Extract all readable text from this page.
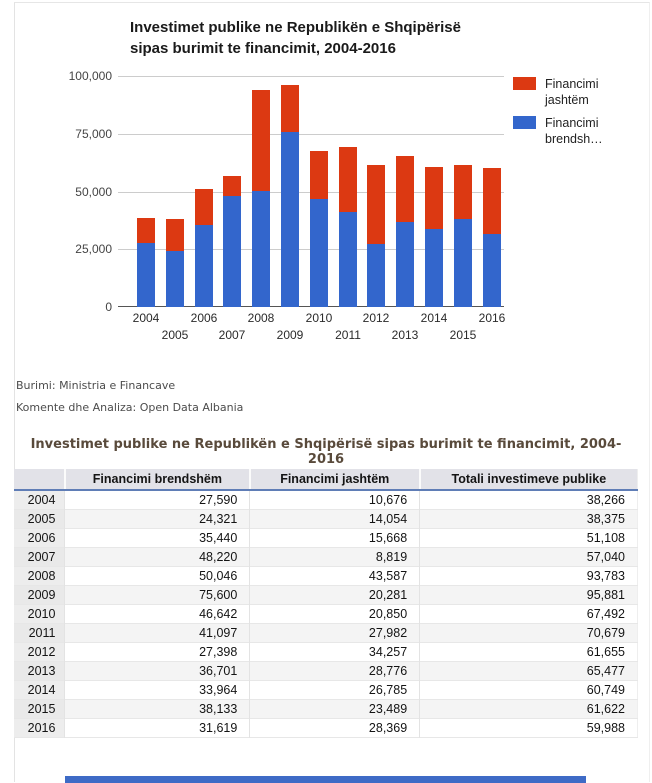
Investimet publike ne Republikën e Shqipërisë
sipas burimit te financimit, 2004-2016
0
25,000
50,000
75,000
100,000
2004
2005
2006
2007
2008
2009
2010
2011
2012
2013
2014
2015
2016
Financimi jashtëm
Financimi brendsh…
Burimi: Ministria e Financave
Komente dhe Analiza: Open Data Albania
Investimet publike ne Republikën e Shqipërisë sipas burimit te financimit, 2004-2016
	Financimi brendshëm	Financimi jashtëm	Totali investimeve publike
2004	27,590	10,676	38,266
2005	24,321	14,054	38,375
2006	35,440	15,668	51,108
2007	48,220	8,819	57,040
2008	50,046	43,587	93,783
2009	75,600	20,281	95,881
2010	46,642	20,850	67,492
2011	41,097	27,982	70,679
2012	27,398	34,257	61,655
2013	36,701	28,776	65,477
2014	33,964	26,785	60,749
2015	38,133	23,489	61,622
2016	31,619	28,369	59,988
